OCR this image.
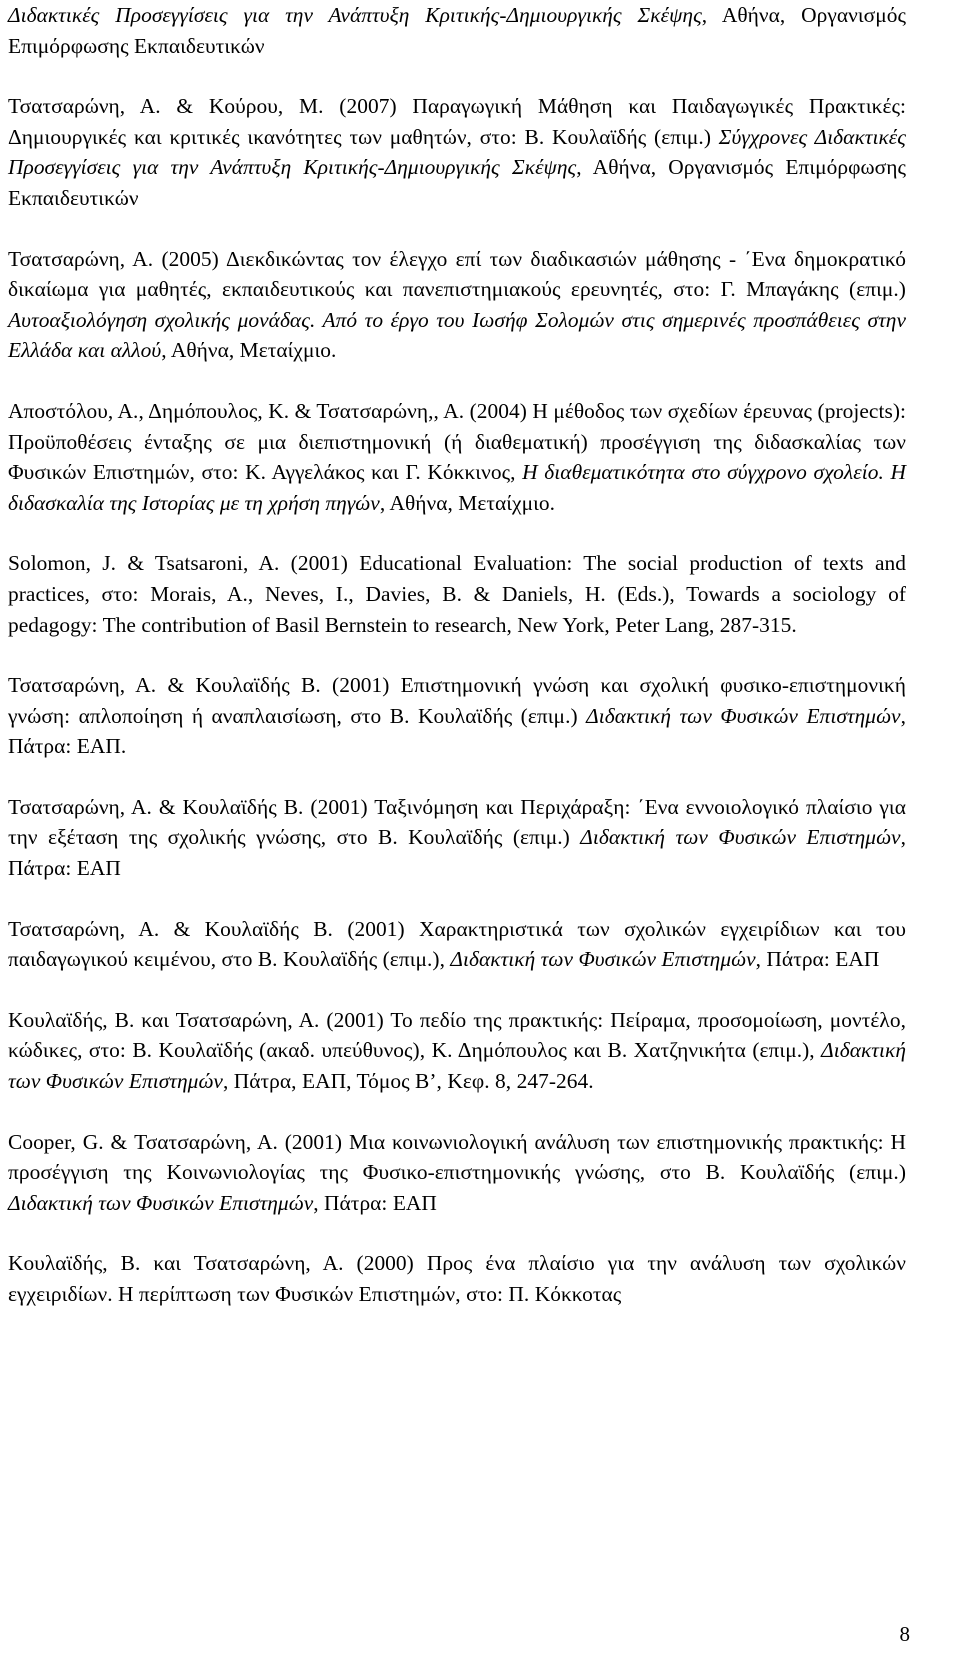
Διδακτικές Προσεγγίσεις για την Ανάπτυξη Κριτικής-Δημιουργικής Σκέψης, Αθήνα, Οργανισμός Επιμόρφωσης Εκπαιδευτικών

Τσατσαρώνη, Α. & Κούρου, Μ. (2007) Παραγωγική Μάθηση και Παιδαγωγικές Πρακτικές: Δημιουργικές και κριτικές ικανότητες των μαθητών, στο: Β. Κουλαϊδής (επιμ.) Σύγχρονες Διδακτικές Προσεγγίσεις για την Ανάπτυξη Κριτικής-Δημιουργικής Σκέψης, Αθήνα, Οργανισμός Επιμόρφωσης Εκπαιδευτικών

Τσατσαρώνη, Α. (2005) Διεκδικώντας τον έλεγχο επί των διαδικασιών μάθησης - ΄Ενα δημοκρατικό δικαίωμα για μαθητές, εκπαιδευτικούς και πανεπιστημιακούς ερευνητές, στο: Γ. Μπαγάκης (επιμ.) Αυτοαξιολόγηση σχολικής μονάδας. Από το έργο του Ιωσήφ Σολομών στις σημερινές προσπάθειες στην Ελλάδα και αλλού, Αθήνα, Μεταίχμιο.

Αποστόλου, Α., Δημόπουλος, Κ. & Τσατσαρώνη,, Α. (2004) Η μέθοδος των σχεδίων έρευνας (projects): Προϋποθέσεις ένταξης σε μια διεπιστημονική (ή διαθεματική) προσέγγιση της διδασκαλίας των Φυσικών Επιστημών, στο: Κ. Αγγελάκος και Γ. Κόκκινος, Η διαθεματικότητα στο σύγχρονο σχολείο. Η διδασκαλία της Ιστορίας με τη χρήση πηγών, Αθήνα, Μεταίχμιο.

Solomon, J. & Tsatsaroni, A. (2001) Educational Evaluation: The social production of texts and practices, στο: Morais, A., Neves, I., Davies, B. & Daniels, H. (Eds.), Towards a sociology of pedagogy: The contribution of Basil Bernstein to research, New York, Peter Lang, 287-315.

Τσατσαρώνη, Α. & Κουλαϊδής Β. (2001) Επιστημονική γνώση και σχολική φυσικο-επιστημονική γνώση: απλοποίηση ή αναπλαισίωση, στο Β. Κουλαϊδής (επιμ.) Διδακτική των Φυσικών Επιστημών, Πάτρα: ΕΑΠ.

Τσατσαρώνη, Α. & Κουλαϊδής Β. (2001) Ταξινόμηση και Περιχάραξη: ΄Ενα εννοιολογικό πλαίσιο για την εξέταση της σχολικής γνώσης, στο Β. Κουλαϊδής (επιμ.) Διδακτική των Φυσικών Επιστημών, Πάτρα: ΕΑΠ

Τσατσαρώνη, Α. & Κουλαϊδής Β. (2001) Χαρακτηριστικά των σχολικών εγχειρίδιων και του παιδαγωγικού κειμένου, στο Β. Κουλαϊδής (επιμ.), Διδακτική των Φυσικών Επιστημών, Πάτρα: ΕΑΠ

Κουλαϊδής, Β. και Τσατσαρώνη, Α. (2001) Το πεδίο της πρακτικής: Πείραμα, προσομοίωση, μοντέλο, κώδικες, στο: Β. Κουλαϊδής (ακαδ. υπεύθυνος), Κ. Δημόπουλος και Β. Χατζηνικήτα (επιμ.), Διδακτική των Φυσικών Επιστημών, Πάτρα, ΕΑΠ, Τόμος Β’, Κεφ. 8, 247-264.

Cooper, G. & Τσατσαρώνη, Α. (2001) Μια κοινωνιολογική ανάλυση των επιστημονικής πρακτικής: Η προσέγγιση της Κοινωνιολογίας της Φυσικο-επιστημονικής γνώσης, στο Β. Κουλαϊδής (επιμ.) Διδακτική των Φυσικών Επιστημών, Πάτρα: ΕΑΠ

Κουλαϊδής, Β. και Τσατσαρώνη, Α. (2000) Προς ένα πλαίσιο για την ανάλυση των σχολικών εγχειριδίων. Η περίπτωση των Φυσικών Επιστημών, στο: Π. Κόκκοτας

8
